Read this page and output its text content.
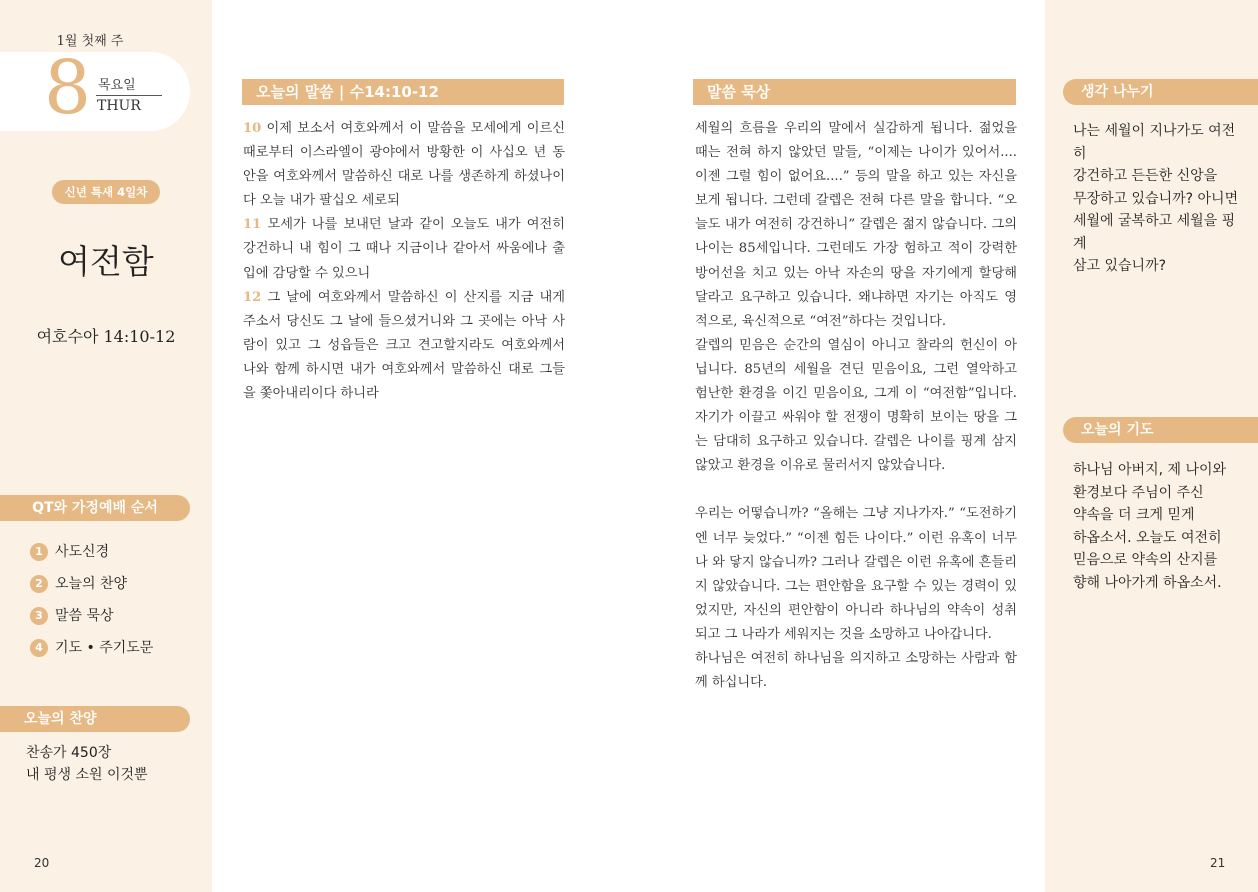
1월 첫째 주
8 목요일
THUR
신년 특새 4일차
여전함
여호수아 14:10-12
QT와 가정예배 순서
1 사도신경
2 오늘의 찬양
3 말씀 묵상
4 기도 • 주기도문
오늘의 찬양
찬송가 450장
내 평생 소원 이것뿐
20
오늘의 말씀 | 수14:10-12

10 이제 보소서 여호와께서 이 말씀을 모세에게 이르신 때로부터 이스라엘이 광야에서 방황한 이 사십오 년 동안을 여호와께서 말씀하신 대로 나를 생존하게 하셨나이다 오늘 내가 팔십오 세로되

11 모세가 나를 보내던 날과 같이 오늘도 내가 여전히 강건하니 내 힘이 그 때나 지금이나 같아서 싸움에나 출입에 감당할 수 있으니

12 그 날에 여호와께서 말씀하신 이 산지를 지금 내게 주소서 당신도 그 날에 들으셨거니와 그 곳에는 아낙 사람이 있고 그 성읍들은 크고 견고할지라도 여호와께서 나와 함께 하시면 내가 여호와께서 말씀하신 대로 그들을 쫓아내리이다 하니라

말씀 묵상

세월의 흐름을 우리의 말에서 실감하게 됩니다. 젊었을 때는 전혀 하지 않았던 말들, “이제는 나이가 있어서.... 이젠 그럴 힘이 없어요....” 등의 말을 하고 있는 자신을 보게 됩니다. 그런데 갈렙은 전혀 다른 말을 합니다. “오늘도 내가 여전히 강건하니” 갈렙은 젊지 않습니다. 그의 나이는 85세입니다. 그런데도 가장 험하고 적이 강력한 방어선을 치고 있는 아낙 자손의 땅을 자기에게 할당해 달라고 요구하고 있습니다. 왜냐하면 자기는 아직도 영적으로, 육신적으로 “여전”하다는 것입니다.

갈렙의 믿음은 순간의 열심이 아니고 찰라의 헌신이 아닙니다. 85년의 세월을 견딘 믿음이요, 그런 열악하고 험난한 환경을 이긴 믿음이요, 그게 이 “여전함”입니다. 자기가 이끌고 싸워야 할 전쟁이 명확히 보이는 땅을 그는 담대히 요구하고 있습니다. 갈렙은 나이를 핑계 삼지 않았고 환경을 이유로 물러서지 않았습니다.

우리는 어떻습니까? “올해는 그냥 지나가자.” “도전하기엔 너무 늦었다.” “이젠 힘든 나이다.” 이런 유혹이 너무나 와 닿지 않습니까? 그러나 갈렙은 이런 유혹에 흔들리지 않았습니다. 그는 편안함을 요구할 수 있는 경력이 있었지만, 자신의 편안함이 아니라 하나님의 약속이 성취되고 그 나라가 세워지는 것을 소망하고 나아갑니다.

하나님은 여전히 하나님을 의지하고 소망하는 사람과 함께 하십니다.

생각 나누기
나는 세월이 지나가도 여전히
강건하고 든든한 신앙을
무장하고 있습니까? 아니면
세월에 굴복하고 세월을 핑계
삼고 있습니까?
오늘의 기도
하나님 아버지, 제 나이와
환경보다 주님이 주신
약속을 더 크게 믿게
하옵소서. 오늘도 여전히
믿음으로 약속의 산지를
향해 나아가게 하옵소서.
21
